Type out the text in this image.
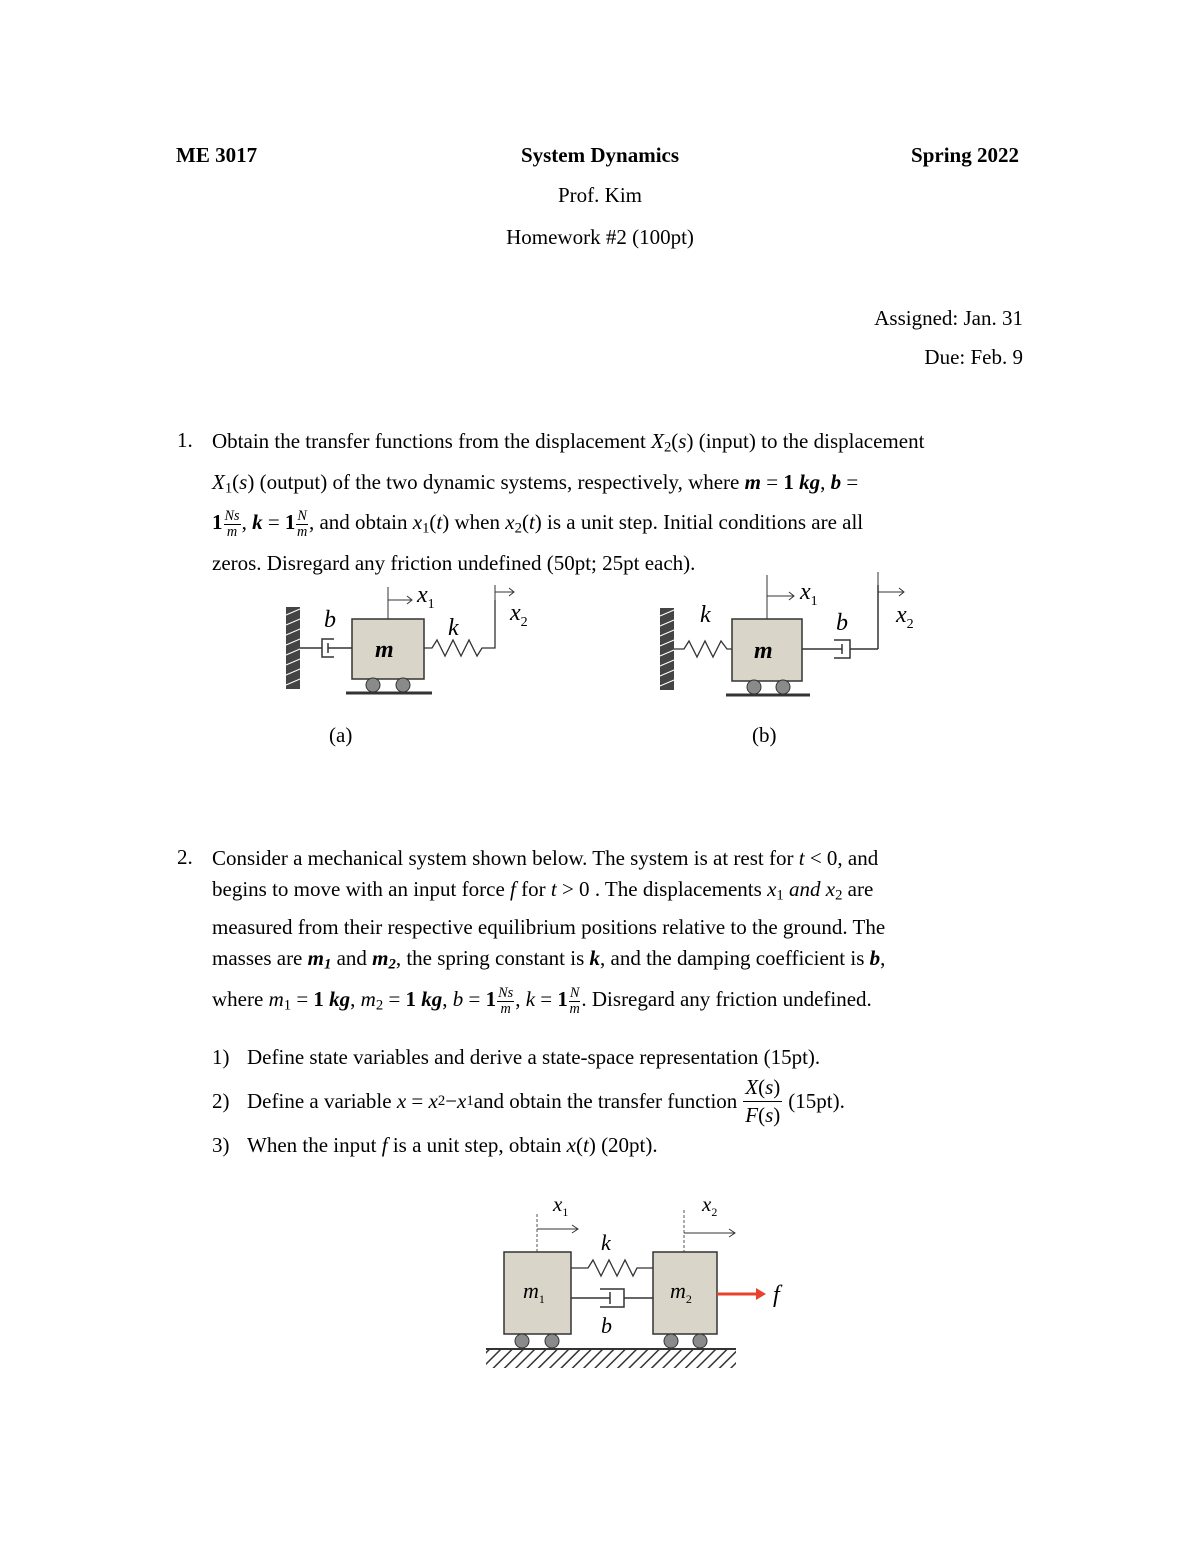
ME 3017	System Dynamics	Spring 2022
Prof. Kim
Homework #2 (100pt)
Assigned: Jan. 31
Due: Feb. 9
1. Obtain the transfer functions from the displacement $X_2(s)$ (input) to the displacement
$X_1(s)$ (output) of the two dynamic systems, respectively, where m = 1 kg, b =
$1 \frac{Ns}{m}$ , $k = 1 \frac{N}{m}$ , and obtain $x_1(t)$ when $x_2(t)$ is a unit step. Initial conditions are all
zeros. Disregard any friction undefined (50pt; 25pt each).
b
m
$x_1$
k
$x_2$
(a)
k
m
$x_1$
b $x_2$
(b)
2. Consider a mechanical system shown below. The system is at rest for t < 0, and
begins to move with an input force f for t > 0 . The displacements $x_1$ and $x_2$ are
measured from their respective equilibrium positions relative to the ground. The
masses are $m_1$ and $m_2$, the spring constant is k, and the damping coefficient is b,
where $m_1 = 1$ kg, $m_2 = 1$ kg, $b = 1 \frac{Ns}{m}$ , $k = 1 \frac{N}{m}$ . Disregard any friction undefined.
1) Define state variables and derive a state-space representation (15pt).
2) Define a variable
x = x 2 − x 1 and obtain the transfer function $\frac{X(s)}{F(s)} (15pt)$.
3) When the input f is a unit step, obtain x(t) (20pt).
$x_1$	$x_2$
$m_1$	$m_2$
k
b
f
